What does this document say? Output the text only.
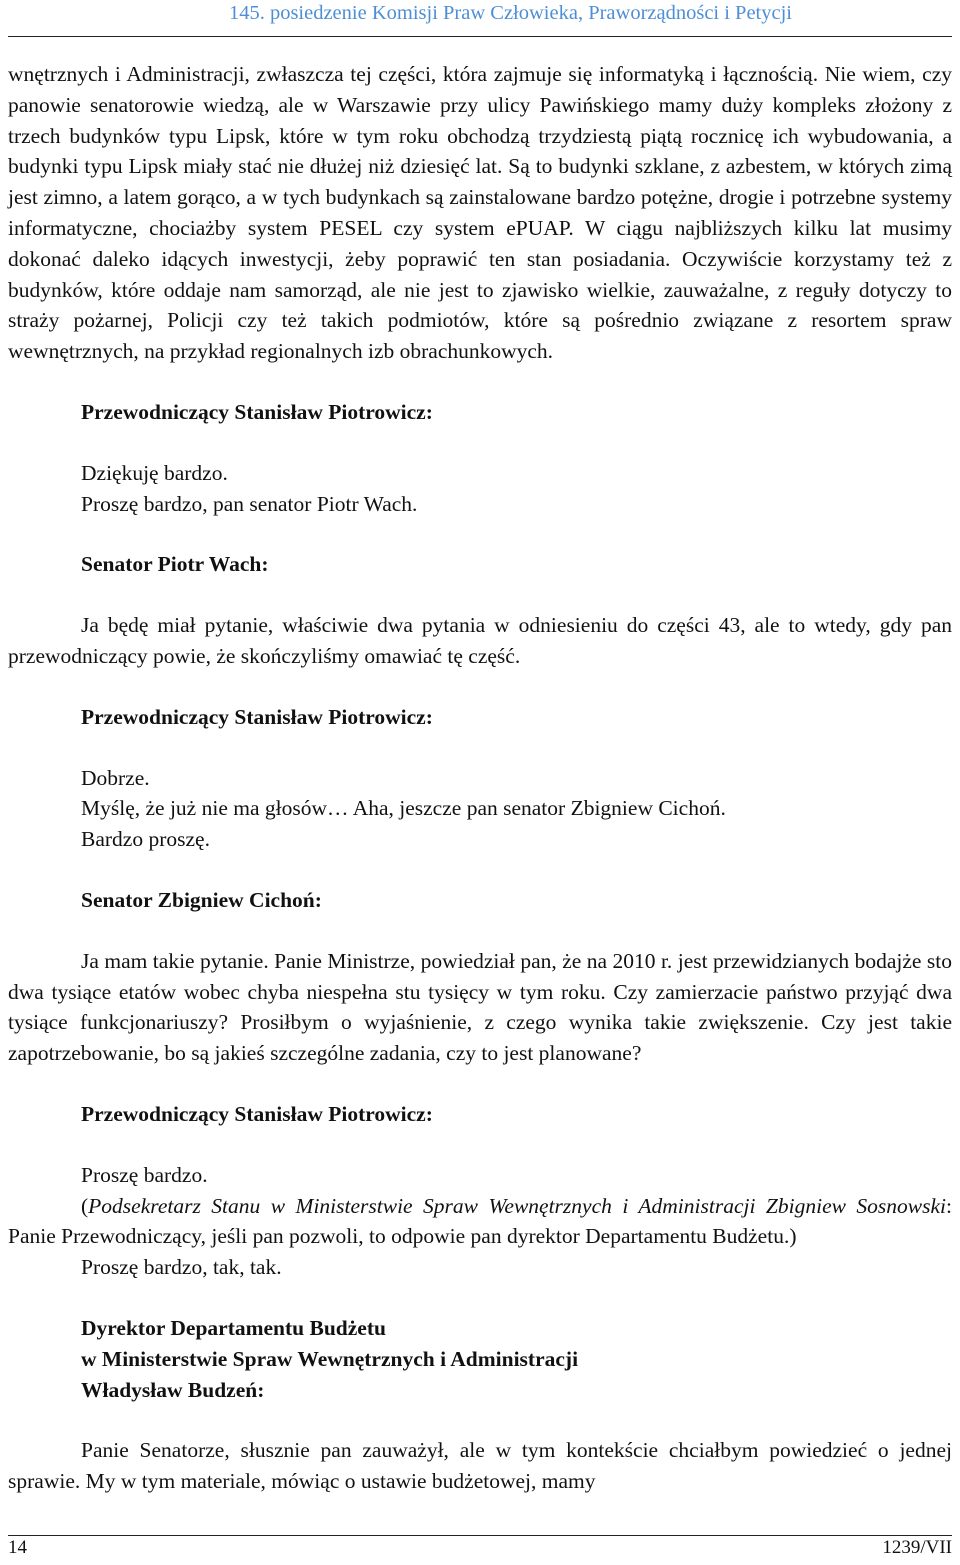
145. posiedzenie Komisji Praw Człowieka, Praworządności i Petycji

wnętrznych i Administracji, zwłaszcza tej części, która zajmuje się informatyką i łącznością. Nie wiem, czy panowie senatorowie wiedzą, ale w Warszawie przy ulicy Pawińskiego mamy duży kompleks złożony z trzech budynków typu Lipsk, które w tym roku obchodzą trzydziestą piątą rocznicę ich wybudowania, a budynki typu Lipsk miały stać nie dłużej niż dziesięć lat. Są to budynki szklane, z azbestem, w których zimą jest zimno, a latem gorąco, a w tych budynkach są zainstalowane bardzo potężne, drogie i potrzebne systemy informatyczne, chociażby system PESEL czy system ePUAP. W ciągu najbliższych kilku lat musimy dokonać daleko idących inwestycji, żeby poprawić ten stan posiadania. Oczywiście korzystamy też z budynków, które oddaje nam samorząd, ale nie jest to zjawisko wielkie, zauważalne, z reguły dotyczy to straży pożarnej, Policji czy też takich podmiotów, które są pośrednio związane z resortem spraw wewnętrznych, na przykład regionalnych izb obrachunkowych.

Przewodniczący Stanisław Piotrowicz:

Dziękuję bardzo.

Proszę bardzo, pan senator Piotr Wach.

Senator Piotr Wach:

Ja będę miał pytanie, właściwie dwa pytania w odniesieniu do części 43, ale to wtedy, gdy pan przewodniczący powie, że skończyliśmy omawiać tę część.

Przewodniczący Stanisław Piotrowicz:

Dobrze.

Myślę, że już nie ma głosów… Aha, jeszcze pan senator Zbigniew Cichoń.

Bardzo proszę.

Senator Zbigniew Cichoń:

Ja mam takie pytanie. Panie Ministrze, powiedział pan, że na 2010 r. jest przewidzianych bodajże sto dwa tysiące etatów wobec chyba niespełna stu tysięcy w tym roku. Czy zamierzacie państwo przyjąć dwa tysiące funkcjonariuszy? Prosiłbym o wyjaśnienie, z czego wynika takie zwiększenie. Czy jest takie zapotrzebowanie, bo są jakieś szczególne zadania, czy to jest planowane?

Przewodniczący Stanisław Piotrowicz:

Proszę bardzo.

(Podsekretarz Stanu w Ministerstwie Spraw Wewnętrznych i Administracji Zbigniew Sosnowski: Panie Przewodniczący, jeśli pan pozwoli, to odpowie pan dyrektor Departamentu Budżetu.)

Proszę bardzo, tak, tak.

Dyrektor Departamentu Budżetu
w Ministerstwie Spraw Wewnętrznych i Administracji
Władysław Budzeń:

Panie Senatorze, słusznie pan zauważył, ale w tym kontekście chciałbym powiedzieć o jednej sprawie. My w tym materiale, mówiąc o ustawie budżetowej, mamy

14	1239/VII
